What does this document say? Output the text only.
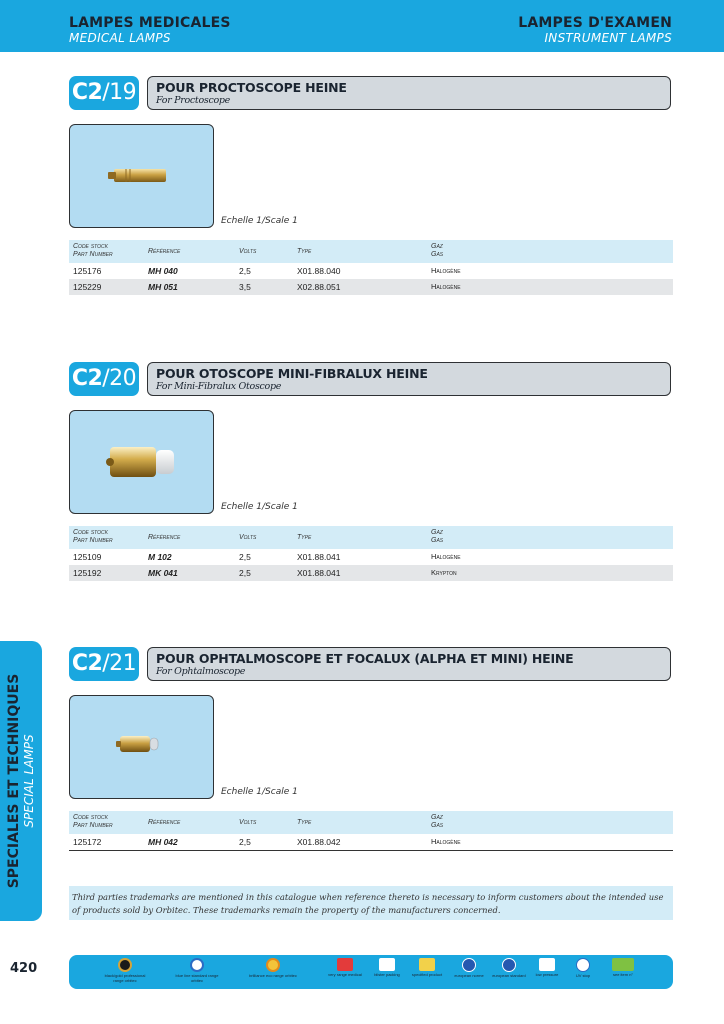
LAMPES MEDICALES
MEDICAL LAMPS
LAMPES D'EXAMEN
INSTRUMENT LAMPS
C2/19 POUR PROCTOSCOPE HEINE
For Proctoscope
Echelle 1/Scale 1
Code stock
Part Number	Référence	Volts	Type
Gaz
Gas
125176	MH 040	2,5	X01.88.040	Halogène
125229	MH 051	3,5	X02.88.051	Halogène
C2/20 POUR OTOSCOPE MINI-FIBRALUX HEINE
For Mini-Fibralux Otoscope
Echelle 1/Scale 1
Code stock
Part Number	Référence	Volts	Type
Gaz
Gas
125109	M 102	2,5	X01.88.041	Halogène
125192	MK 041	2,5	X01.88.041	Krypton
C2/21 POUR OPHTALMOSCOPE ET FOCALUX (ALPHA ET MINI) HEINE
For Ophtalmoscope
Echelle 1/Scale 1
Code stock
Part Number	Référence	Volts	Type
Gaz
Gas
125172	MH 042	2,5	X01.88.042	Halogène
SPECIALES ET TECHNIQUES SPECIAL LAMPS
Third parties trademarks are mentioned in this catalogue when reference thereto is necessary to inform customers about the intended use of products sold by Orbitec. These trademarks remain the property of the manufacturers concerned.
420	black/gold professional range orbitec
blue line standard range orbitec
brilliance eco range orbitec	very range medical	blister packing	specified product	european norme	european standard	low pressure	UV stop	see item n°
